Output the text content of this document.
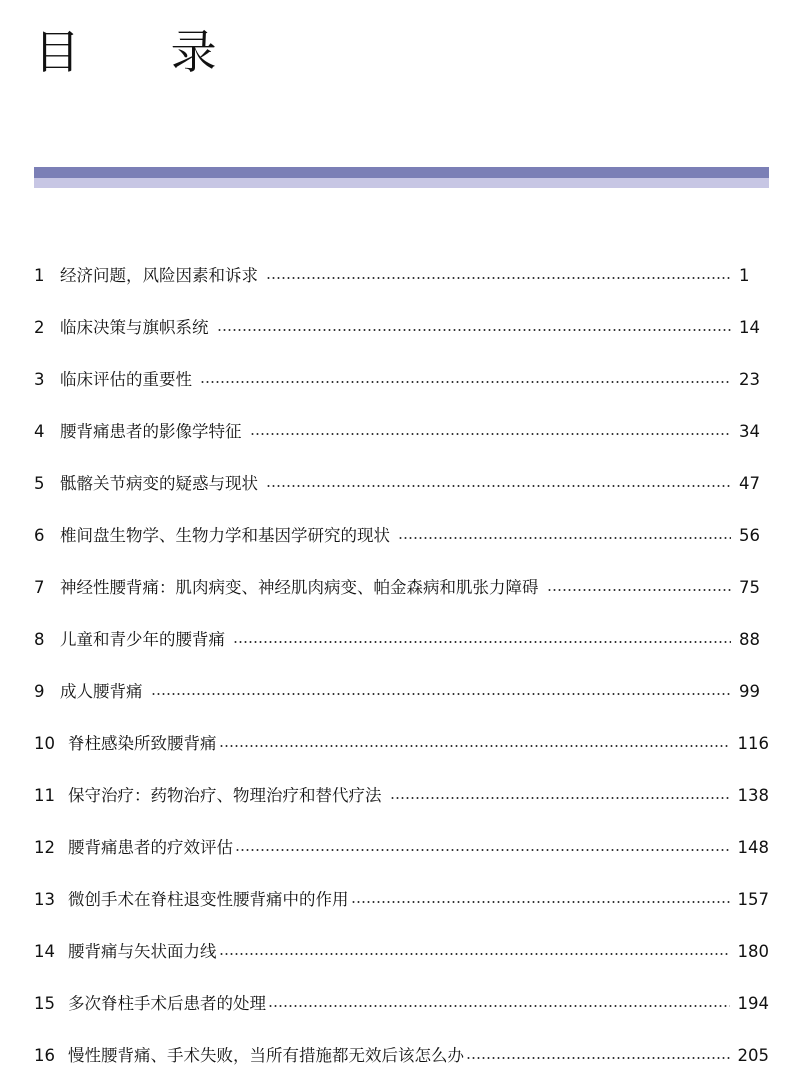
目 录
1 经济问题，风险因素和诉求	1
2 临床决策与旗帜系统	14
3 临床评估的重要性	23
4 腰背痛患者的影像学特征	34
5 骶髂关节病变的疑惑与现状	47
6 椎间盘生物学、生物力学和基因学研究的现状	56
7 神经性腰背痛：肌肉病变、神经肌肉病变、帕金森病和肌张力障碍	75
8 儿童和青少年的腰背痛	88
9 成人腰背痛	99
10 脊柱感染所致腰背痛	116
11 保守治疗：药物治疗、物理治疗和替代疗法	138
12 腰背痛患者的疗效评估	148
13 微创手术在脊柱退变性腰背痛中的作用	157
14 腰背痛与矢状面力线	180
15 多次脊柱手术后患者的处理	194
16 慢性腰背痛、手术失败，当所有措施都无效后该怎么办	205
